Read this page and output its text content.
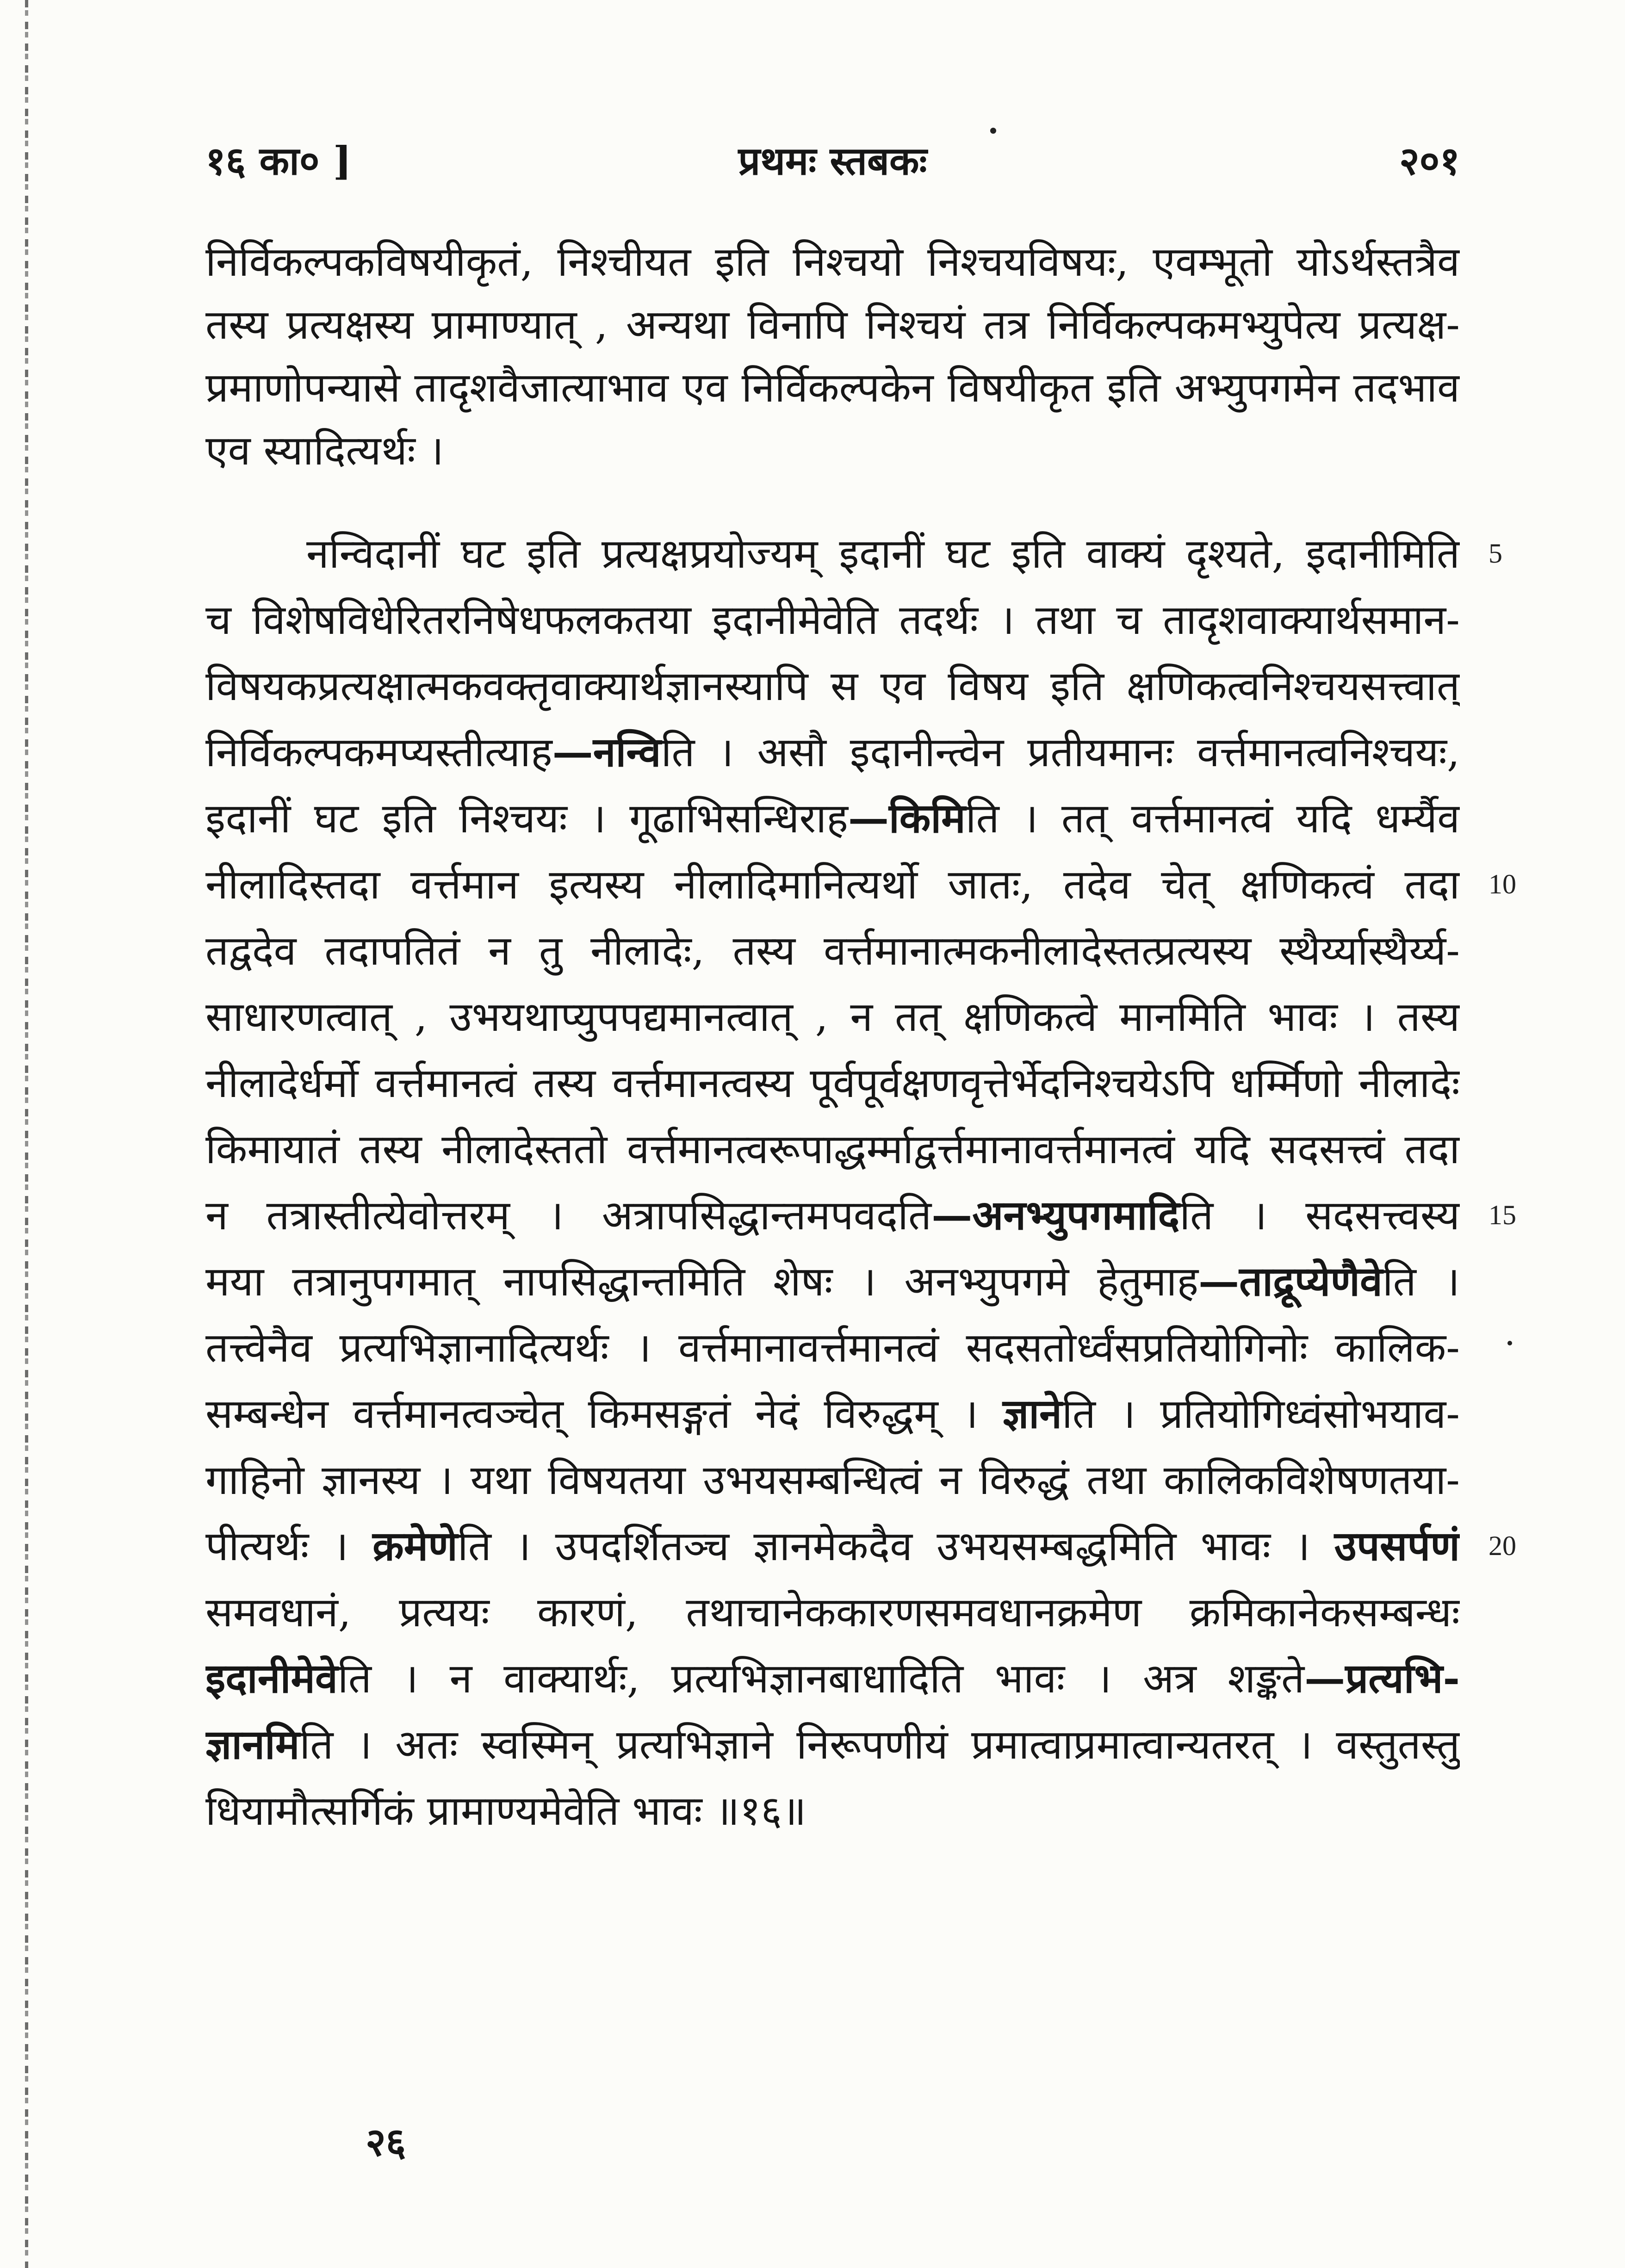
१६ का० ]	प्रथमः स्तबकः	२०१
निर्विकल्पकविषयीकृतं, निश्चीयत इति निश्चयो निश्चयविषयः, एवम्भूतो योऽर्थस्तत्रैव
तस्य प्रत्यक्षस्य प्रामाण्यात् , अन्यथा विनापि निश्चयं तत्र निर्विकल्पकमभ्युपेत्य प्रत्यक्ष-
प्रमाणोपन्यासे तादृशवैजात्याभाव एव निर्विकल्पकेन विषयीकृत इति अभ्युपगमेन तदभाव
एव स्यादित्यर्थः ।
नन्विदानीं घट इति प्रत्यक्षप्रयोज्यम् इदानीं घट इति वाक्यं दृश्यते, इदानीमिति 5
च विशेषविधेरितरनिषेधफलकतया इदानीमेवेति तदर्थः । तथा च तादृशवाक्यार्थसमान-
विषयकप्रत्यक्षात्मकवक्तृवाक्यार्थज्ञानस्यापि स एव विषय इति क्षणिकत्वनिश्चयसत्त्वात्
निर्विकल्पकमप्यस्तीत्याह—नन्विति । असौ इदानीन्त्वेन प्रतीयमानः वर्त्तमानत्वनिश्चयः,
इदानीं घट इति निश्चयः । गूढाभिसन्धिराह—किमिति । तत् वर्त्तमानत्वं यदि धर्म्यैव
नीलादिस्तदा वर्त्तमान इत्यस्य नीलादिमानित्यर्थो जातः, तदेव चेत् क्षणिकत्वं तदा 10
तद्वदेव तदापतितं न तु नीलादेः, तस्य वर्त्तमानात्मकनीलादेस्तत्प्रत्यस्य स्थैर्य्यास्थैर्य्य-
साधारणत्वात् , उभयथाप्युपपद्यमानत्वात् , न तत् क्षणिकत्वे मानमिति भावः । तस्य
नीलादेर्धर्मो वर्त्तमानत्वं तस्य वर्त्तमानत्वस्य पूर्वपूर्वक्षणवृत्तेर्भेदनिश्चयेऽपि धर्म्मिणो नीलादेः
किमायातं तस्य नीलादेस्ततो वर्त्तमानत्वरूपाद्धर्म्माद्वर्त्तमानावर्त्तमानत्वं यदि सदसत्त्वं तदा
न तत्रास्तीत्येवोत्तरम् । अत्रापसिद्धान्तमपवदति—अनभ्युपगमादिति । सदसत्त्वस्य 15
मया तत्रानुपगमात् नापसिद्धान्तमिति शेषः । अनभ्युपगमे हेतुमाह—ताद्रूप्येणैवेति ।
तत्त्वेनैव प्रत्यभिज्ञानादित्यर्थः । वर्त्तमानावर्त्तमानत्वं सदसतोर्ध्वंसप्रतियोगिनोः कालिक-
सम्बन्धेन वर्त्तमानत्वञ्चेत् किमसङ्गतं नेदं विरुद्धम् । ज्ञानेति । प्रतियोगिध्वंसोभयाव-
गाहिनो ज्ञानस्य । यथा विषयतया उभयसम्बन्धित्वं न विरुद्धं तथा कालिकविशेषणतया-
पीत्यर्थः । क्रमेणेति । उपदर्शितञ्च ज्ञानमेकदैव उभयसम्बद्धमिति भावः । उपसर्पणं 20
समवधानं, प्रत्ययः कारणं, तथाचानेककारणसमवधानक्रमेण क्रमिकानेकसम्बन्धः
इदानीमेवेति । न वाक्यार्थः, प्रत्यभिज्ञानबाधादिति भावः । अत्र शङ्कते—प्रत्यभि-
ज्ञानमिति । अतः स्वस्मिन् प्रत्यभिज्ञाने निरूपणीयं प्रमात्वाप्रमात्वान्यतरत् । वस्तुतस्तु
धियामौत्सर्गिकं प्रामाण्यमेवेति भावः ॥१६॥
२६
